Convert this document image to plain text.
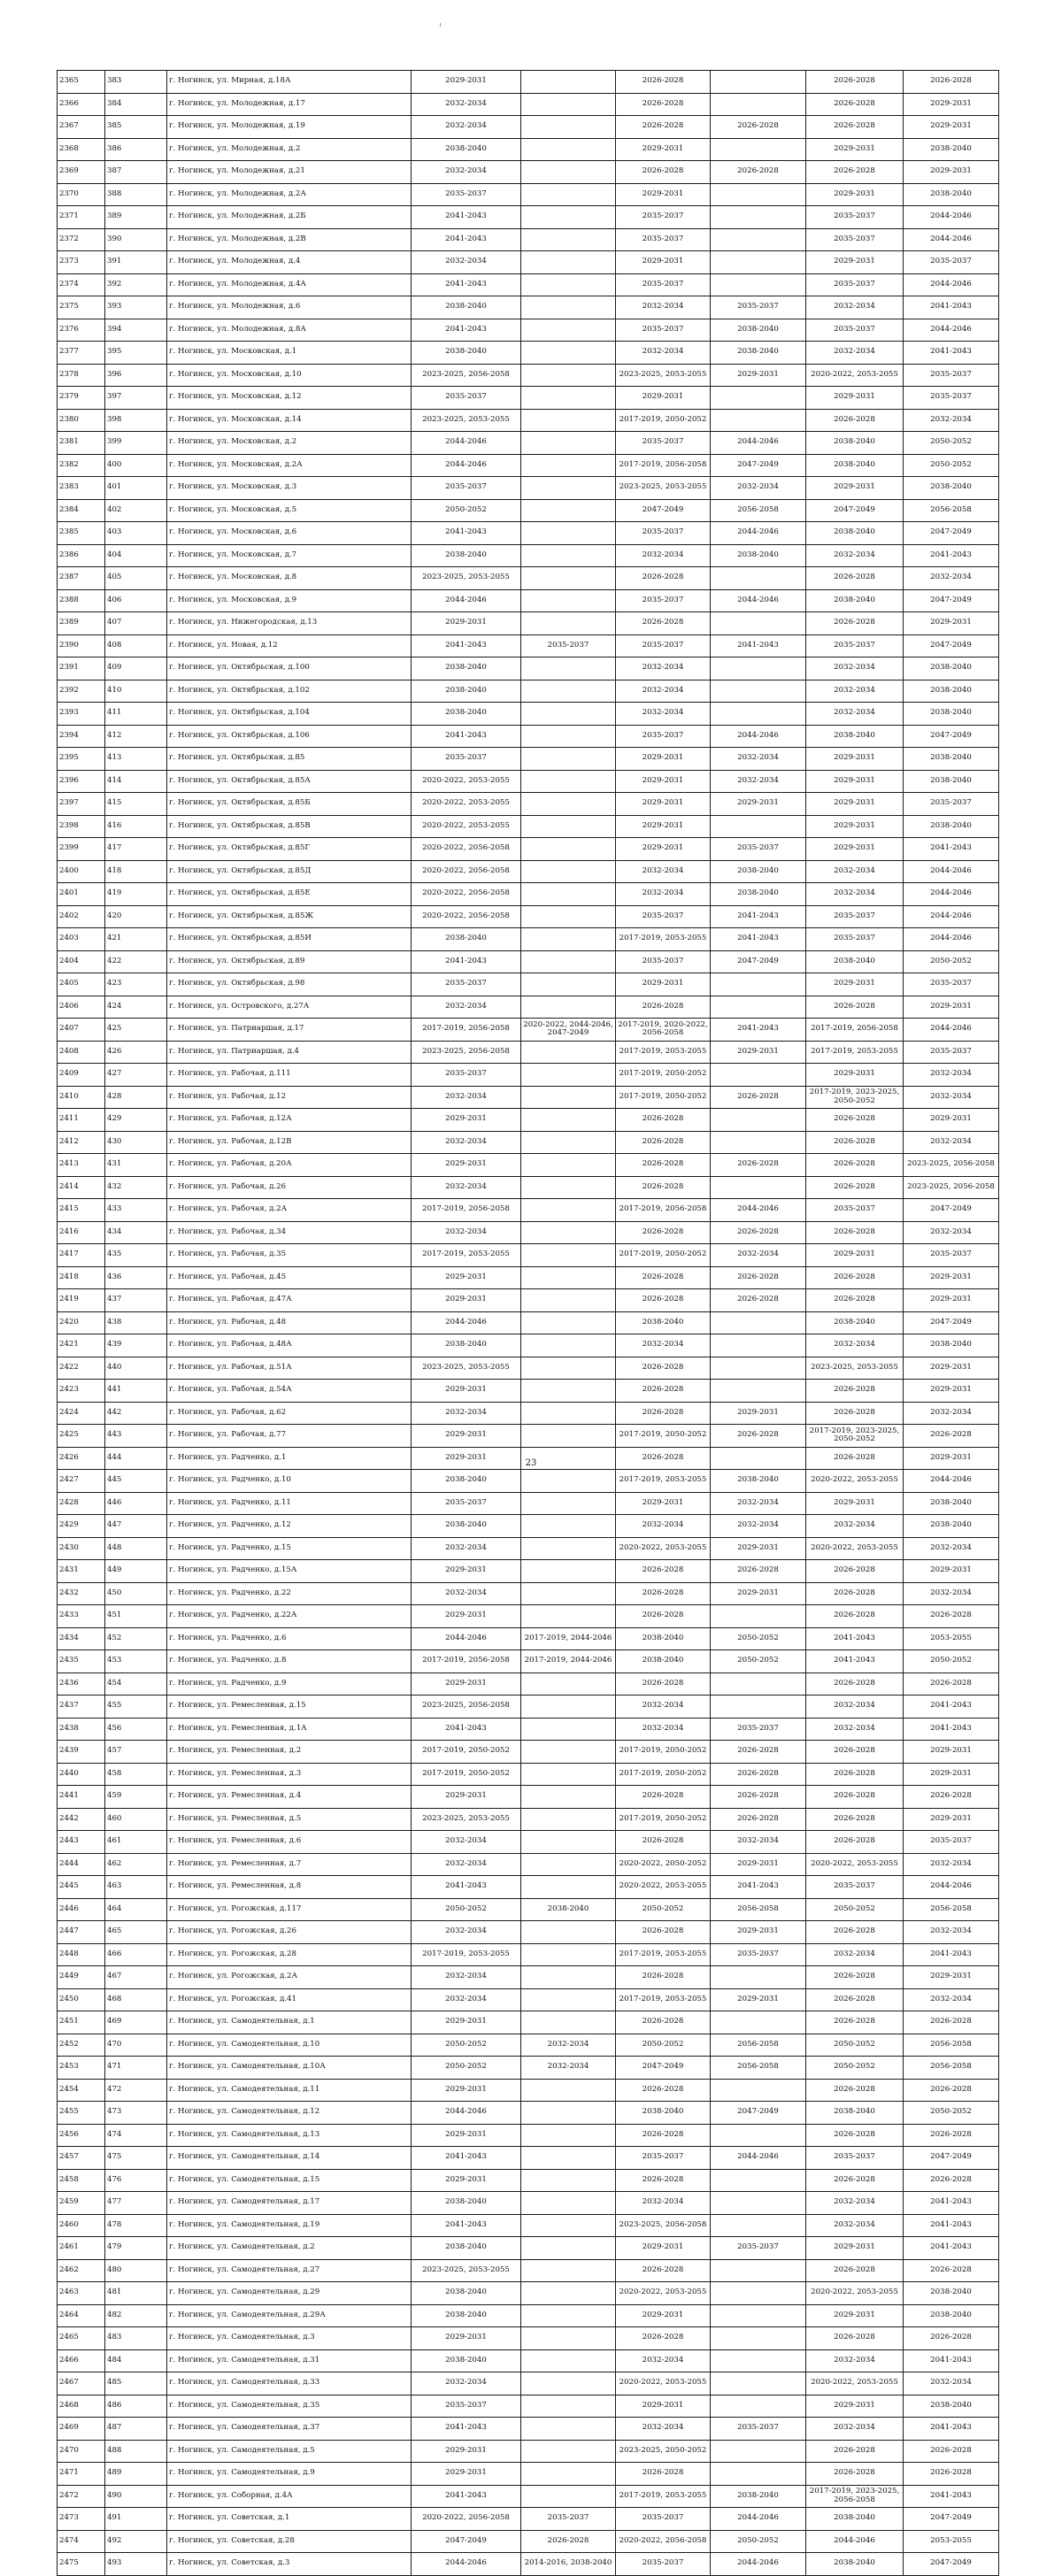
2365	383	г. Ногинск, ул. Мирная, д.18А	2029-2031		2026-2028		2026-2028	2026-2028
2366	384	г. Ногинск, ул. Молодежная, д.17	2032-2034		2026-2028		2026-2028	2029-2031
2367	385	г. Ногинск, ул. Молодежная, д.19	2032-2034		2026-2028	2026-2028	2026-2028	2029-2031
2368	386	г. Ногинск, ул. Молодежная, д.2	2038-2040		2029-2031		2029-2031	2038-2040
2369	387	г. Ногинск, ул. Молодежная, д.21	2032-2034		2026-2028	2026-2028	2026-2028	2029-2031
2370	388	г. Ногинск, ул. Молодежная, д.2А	2035-2037		2029-2031		2029-2031	2038-2040
2371	389	г. Ногинск, ул. Молодежная, д.2Б	2041-2043		2035-2037		2035-2037	2044-2046
2372	390	г. Ногинск, ул. Молодежная, д.2В	2041-2043		2035-2037		2035-2037	2044-2046
2373	391	г. Ногинск, ул. Молодежная, д.4	2032-2034		2029-2031		2029-2031	2035-2037
2374	392	г. Ногинск, ул. Молодежная, д.4А	2041-2043		2035-2037		2035-2037	2044-2046
2375	393	г. Ногинск, ул. Молодежная, д.6	2038-2040		2032-2034	2035-2037	2032-2034	2041-2043
2376	394	г. Ногинск, ул. Молодежная, д.8А	2041-2043		2035-2037	2038-2040	2035-2037	2044-2046
2377	395	г. Ногинск, ул. Московская, д.1	2038-2040		2032-2034	2038-2040	2032-2034	2041-2043
2378	396	г. Ногинск, ул. Московская, д.10	2023-2025, 2056-2058		2023-2025, 2053-2055	2029-2031	2020-2022, 2053-2055	2035-2037
2379	397	г. Ногинск, ул. Московская, д.12	2035-2037		2029-2031		2029-2031	2035-2037
2380	398	г. Ногинск, ул. Московская, д.14	2023-2025, 2053-2055		2017-2019, 2050-2052		2026-2028	2032-2034
2381	399	г. Ногинск, ул. Московская, д.2	2044-2046		2035-2037	2044-2046	2038-2040	2050-2052
2382	400	г. Ногинск, ул. Московская, д.2А	2044-2046		2017-2019, 2056-2058	2047-2049	2038-2040	2050-2052
2383	401	г. Ногинск, ул. Московская, д.3	2035-2037		2023-2025, 2053-2055	2032-2034	2029-2031	2038-2040
2384	402	г. Ногинск, ул. Московская, д.5	2050-2052		2047-2049	2056-2058	2047-2049	2056-2058
2385	403	г. Ногинск, ул. Московская, д.6	2041-2043		2035-2037	2044-2046	2038-2040	2047-2049
2386	404	г. Ногинск, ул. Московская, д.7	2038-2040		2032-2034	2038-2040	2032-2034	2041-2043
2387	405	г. Ногинск, ул. Московская, д.8	2023-2025, 2053-2055		2026-2028		2026-2028	2032-2034
2388	406	г. Ногинск, ул. Московская, д.9	2044-2046		2035-2037	2044-2046	2038-2040	2047-2049
2389	407	г. Ногинск, ул. Нижегородская, д.13	2029-2031		2026-2028		2026-2028	2029-2031
2390	408	г. Ногинск, ул. Новая, д.12	2041-2043	2035-2037	2035-2037	2041-2043	2035-2037	2047-2049
2391	409	г. Ногинск, ул. Октябрьская, д.100	2038-2040		2032-2034		2032-2034	2038-2040
2392	410	г. Ногинск, ул. Октябрьская, д.102	2038-2040		2032-2034		2032-2034	2038-2040
2393	411	г. Ногинск, ул. Октябрьская, д.104	2038-2040		2032-2034		2032-2034	2038-2040
2394	412	г. Ногинск, ул. Октябрьская, д.106	2041-2043		2035-2037	2044-2046	2038-2040	2047-2049
2395	413	г. Ногинск, ул. Октябрьская, д.85	2035-2037		2029-2031	2032-2034	2029-2031	2038-2040
2396	414	г. Ногинск, ул. Октябрьская, д.85А	2020-2022, 2053-2055		2029-2031	2032-2034	2029-2031	2038-2040
2397	415	г. Ногинск, ул. Октябрьская, д.85Б	2020-2022, 2053-2055		2029-2031	2029-2031	2029-2031	2035-2037
2398	416	г. Ногинск, ул. Октябрьская, д.85В	2020-2022, 2053-2055		2029-2031		2029-2031	2038-2040
2399	417	г. Ногинск, ул. Октябрьская, д.85Г	2020-2022, 2056-2058		2029-2031	2035-2037	2029-2031	2041-2043
2400	418	г. Ногинск, ул. Октябрьская, д.85Д	2020-2022, 2056-2058		2032-2034	2038-2040	2032-2034	2044-2046
2401	419	г. Ногинск, ул. Октябрьская, д.85Е	2020-2022, 2056-2058		2032-2034	2038-2040	2032-2034	2044-2046
2402	420	г. Ногинск, ул. Октябрьская, д.85Ж	2020-2022, 2056-2058		2035-2037	2041-2043	2035-2037	2044-2046
2403	421	г. Ногинск, ул. Октябрьская, д.85И	2038-2040		2017-2019, 2053-2055	2041-2043	2035-2037	2044-2046
2404	422	г. Ногинск, ул. Октябрьская, д.89	2041-2043		2035-2037	2047-2049	2038-2040	2050-2052
2405	423	г. Ногинск, ул. Октябрьская, д.98	2035-2037		2029-2031		2029-2031	2035-2037
2406	424	г. Ногинск, ул. Островского, д.27А	2032-2034		2026-2028		2026-2028	2029-2031
2407	425	г. Ногинск, ул. Патриаршая, д.17	2017-2019, 2056-2058	2020-2022, 2044-2046, 2047-2049	2017-2019, 2020-2022, 2056-2058	2041-2043	2017-2019, 2056-2058	2044-2046
2408	426	г. Ногинск, ул. Патриаршая, д.4	2023-2025, 2056-2058		2017-2019, 2053-2055	2029-2031	2017-2019, 2053-2055	2035-2037
2409	427	г. Ногинск, ул. Рабочая, д.111	2035-2037		2017-2019, 2050-2052		2029-2031	2032-2034
2410	428	г. Ногинск, ул. Рабочая, д.12	2032-2034		2017-2019, 2050-2052	2026-2028	2017-2019, 2023-2025, 2050-2052	2032-2034
2411	429	г. Ногинск, ул. Рабочая, д.12А	2029-2031		2026-2028		2026-2028	2029-2031
2412	430	г. Ногинск, ул. Рабочая, д.12В	2032-2034		2026-2028		2026-2028	2032-2034
2413	431	г. Ногинск, ул. Рабочая, д.20А	2029-2031		2026-2028	2026-2028	2026-2028	2023-2025, 2056-2058
2414	432	г. Ногинск, ул. Рабочая, д.26	2032-2034		2026-2028		2026-2028	2023-2025, 2056-2058
2415	433	г. Ногинск, ул. Рабочая, д.2А	2017-2019, 2056-2058		2017-2019, 2056-2058	2044-2046	2035-2037	2047-2049
2416	434	г. Ногинск, ул. Рабочая, д.34	2032-2034		2026-2028	2026-2028	2026-2028	2032-2034
2417	435	г. Ногинск, ул. Рабочая, д.35	2017-2019, 2053-2055		2017-2019, 2050-2052	2032-2034	2029-2031	2035-2037
2418	436	г. Ногинск, ул. Рабочая, д.45	2029-2031		2026-2028	2026-2028	2026-2028	2029-2031
2419	437	г. Ногинск, ул. Рабочая, д.47А	2029-2031		2026-2028	2026-2028	2026-2028	2029-2031
2420	438	г. Ногинск, ул. Рабочая, д.48	2044-2046		2038-2040		2038-2040	2047-2049
2421	439	г. Ногинск, ул. Рабочая, д.48А	2038-2040		2032-2034		2032-2034	2038-2040
2422	440	г. Ногинск, ул. Рабочая, д.51А	2023-2025, 2053-2055		2026-2028		2023-2025, 2053-2055	2029-2031
2423	441	г. Ногинск, ул. Рабочая, д.54А	2029-2031		2026-2028		2026-2028	2029-2031
2424	442	г. Ногинск, ул. Рабочая, д.62	2032-2034		2026-2028	2029-2031	2026-2028	2032-2034
2425	443	г. Ногинск, ул. Рабочая, д.77	2029-2031		2017-2019, 2050-2052	2026-2028	2017-2019, 2023-2025, 2050-2052	2026-2028
2426	444	г. Ногинск, ул. Радченко, д.1	2029-2031		2026-2028		2026-2028	2029-2031
2427	445	г. Ногинск, ул. Радченко, д.10	2038-2040		2017-2019, 2053-2055	2038-2040	2020-2022, 2053-2055	2044-2046
2428	446	г. Ногинск, ул. Радченко, д.11	2035-2037		2029-2031	2032-2034	2029-2031	2038-2040
2429	447	г. Ногинск, ул. Радченко, д.12	2038-2040		2032-2034	2032-2034	2032-2034	2038-2040
2430	448	г. Ногинск, ул. Радченко, д.15	2032-2034		2020-2022, 2053-2055	2029-2031	2020-2022, 2053-2055	2032-2034
2431	449	г. Ногинск, ул. Радченко, д.15А	2029-2031		2026-2028	2026-2028	2026-2028	2029-2031
2432	450	г. Ногинск, ул. Радченко, д.22	2032-2034		2026-2028	2029-2031	2026-2028	2032-2034
2433	451	г. Ногинск, ул. Радченко, д.22А	2029-2031		2026-2028		2026-2028	2026-2028
2434	452	г. Ногинск, ул. Радченко, д.6	2044-2046	2017-2019, 2044-2046	2038-2040	2050-2052	2041-2043	2053-2055
2435	453	г. Ногинск, ул. Радченко, д.8	2017-2019, 2056-2058	2017-2019, 2044-2046	2038-2040	2050-2052	2041-2043	2050-2052
2436	454	г. Ногинск, ул. Радченко, д.9	2029-2031		2026-2028		2026-2028	2026-2028
2437	455	г. Ногинск, ул. Ремесленная, д.15	2023-2025, 2056-2058		2032-2034		2032-2034	2041-2043
2438	456	г. Ногинск, ул. Ремесленная, д.1А	2041-2043		2032-2034	2035-2037	2032-2034	2041-2043
2439	457	г. Ногинск, ул. Ремесленная, д.2	2017-2019, 2050-2052		2017-2019, 2050-2052	2026-2028	2026-2028	2029-2031
2440	458	г. Ногинск, ул. Ремесленная, д.3	2017-2019, 2050-2052		2017-2019, 2050-2052	2026-2028	2026-2028	2029-2031
2441	459	г. Ногинск, ул. Ремесленная, д.4	2029-2031		2026-2028	2026-2028	2026-2028	2026-2028
2442	460	г. Ногинск, ул. Ремесленная, д.5	2023-2025, 2053-2055		2017-2019, 2050-2052	2026-2028	2026-2028	2029-2031
2443	461	г. Ногинск, ул. Ремесленная, д.6	2032-2034		2026-2028	2032-2034	2026-2028	2035-2037
2444	462	г. Ногинск, ул. Ремесленная, д.7	2032-2034		2020-2022, 2050-2052	2029-2031	2020-2022, 2053-2055	2032-2034
2445	463	г. Ногинск, ул. Ремесленная, д.8	2041-2043		2020-2022, 2053-2055	2041-2043	2035-2037	2044-2046
2446	464	г. Ногинск, ул. Рогожская, д.117	2050-2052	2038-2040	2050-2052	2056-2058	2050-2052	2056-2058
2447	465	г. Ногинск, ул. Рогожская, д.26	2032-2034		2026-2028	2029-2031	2026-2028	2032-2034
2448	466	г. Ногинск, ул. Рогожская, д.28	2017-2019, 2053-2055		2017-2019, 2053-2055	2035-2037	2032-2034	2041-2043
2449	467	г. Ногинск, ул. Рогожская, д.2А	2032-2034		2026-2028		2026-2028	2029-2031
2450	468	г. Ногинск, ул. Рогожская, д.41	2032-2034		2017-2019, 2053-2055	2029-2031	2026-2028	2032-2034
2451	469	г. Ногинск, ул. Самодеятельная, д.1	2029-2031		2026-2028		2026-2028	2026-2028
2452	470	г. Ногинск, ул. Самодеятельная, д.10	2050-2052	2032-2034	2050-2052	2056-2058	2050-2052	2056-2058
2453	471	г. Ногинск, ул. Самодеятельная, д.10А	2050-2052	2032-2034	2047-2049	2056-2058	2050-2052	2056-2058
2454	472	г. Ногинск, ул. Самодеятельная, д.11	2029-2031		2026-2028		2026-2028	2026-2028
2455	473	г. Ногинск, ул. Самодеятельная, д.12	2044-2046		2038-2040	2047-2049	2038-2040	2050-2052
2456	474	г. Ногинск, ул. Самодеятельная, д.13	2029-2031		2026-2028		2026-2028	2026-2028
2457	475	г. Ногинск, ул. Самодеятельная, д.14	2041-2043		2035-2037	2044-2046	2035-2037	2047-2049
2458	476	г. Ногинск, ул. Самодеятельная, д.15	2029-2031		2026-2028		2026-2028	2026-2028
2459	477	г. Ногинск, ул. Самодеятельная, д.17	2038-2040		2032-2034		2032-2034	2041-2043
2460	478	г. Ногинск, ул. Самодеятельная, д.19	2041-2043		2023-2025, 2056-2058		2032-2034	2041-2043
2461	479	г. Ногинск, ул. Самодеятельная, д.2	2038-2040		2029-2031	2035-2037	2029-2031	2041-2043
2462	480	г. Ногинск, ул. Самодеятельная, д.27	2023-2025, 2053-2055		2026-2028		2026-2028	2026-2028
2463	481	г. Ногинск, ул. Самодеятельная, д.29	2038-2040		2020-2022, 2053-2055		2020-2022, 2053-2055	2038-2040
2464	482	г. Ногинск, ул. Самодеятельная, д.29А	2038-2040		2029-2031		2029-2031	2038-2040
2465	483	г. Ногинск, ул. Самодеятельная, д.3	2029-2031		2026-2028		2026-2028	2026-2028
2466	484	г. Ногинск, ул. Самодеятельная, д.31	2038-2040		2032-2034		2032-2034	2041-2043
2467	485	г. Ногинск, ул. Самодеятельная, д.33	2032-2034		2020-2022, 2053-2055		2020-2022, 2053-2055	2032-2034
2468	486	г. Ногинск, ул. Самодеятельная, д.35	2035-2037		2029-2031		2029-2031	2038-2040
2469	487	г. Ногинск, ул. Самодеятельная, д.37	2041-2043		2032-2034	2035-2037	2032-2034	2041-2043
2470	488	г. Ногинск, ул. Самодеятельная, д.5	2029-2031		2023-2025, 2050-2052		2026-2028	2026-2028
2471	489	г. Ногинск, ул. Самодеятельная, д.9	2029-2031		2026-2028		2026-2028	2026-2028
2472	490	г. Ногинск, ул. Соборная, д.4А	2041-2043		2017-2019, 2053-2055	2038-2040	2017-2019, 2023-2025, 2056-2058	2041-2043
2473	491	г. Ногинск, ул. Советская, д.1	2020-2022, 2056-2058	2035-2037	2035-2037	2044-2046	2038-2040	2047-2049
2474	492	г. Ногинск, ул. Советская, д.28	2047-2049	2026-2028	2020-2022, 2056-2058	2050-2052	2044-2046	2053-2055
2475	493	г. Ногинск, ул. Советская, д.3	2044-2046	2014-2016, 2038-2040	2035-2037	2044-2046	2038-2040	2047-2049
23
